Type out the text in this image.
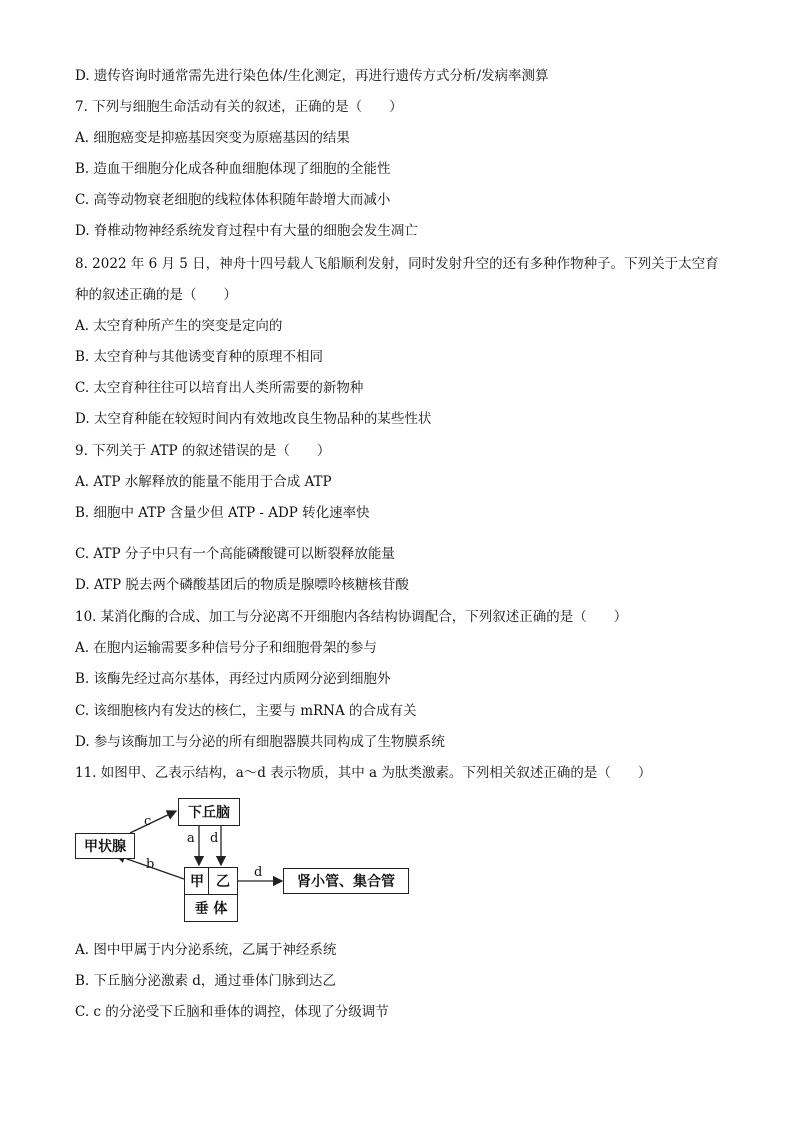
D. 遗传咨询时通常需先进行染色体/生化测定，再进行遗传方式分析/发病率测算
7. 下列与细胞生命活动有关的叙述，正确的是（　　）
A. 细胞癌变是抑癌基因突变为原癌基因的结果
B. 造血干细胞分化成各种血细胞体现了细胞的全能性
C. 高等动物衰老细胞的线粒体体积随年龄增大而减小
D. 脊椎动物神经系统发育过程中有大量的细胞会发生凋亡
8. 2022 年 6 月 5 日，神舟十四号载人飞船顺利发射，同时发射升空的还有多种作物种子。下列关于太空育
种的叙述正确的是（　　）
A. 太空育种所产生的突变是定向的
B. 太空育种与其他诱变育种的原理不相同
C. 太空育种往往可以培育出人类所需要的新物种
D. 太空育种能在较短时间内有效地改良生物品种的某些性状
9. 下列关于 ATP 的叙述错误的是（　　）
A. ATP 水解释放的能量不能用于合成 ATP
B. 细胞中 ATP 含量少但 ATP - ADP 转化速率快
C. ATP 分子中只有一个高能磷酸键可以断裂释放能量
D. ATP 脱去两个磷酸基团后的物质是腺嘌呤核糖核苷酸
10. 某消化酶的合成、加工与分泌离不开细胞内各结构协调配合，下列叙述正确的是（　　）
A. 在胞内运输需要多种信号分子和细胞骨架的参与
B. 该酶先经过高尔基体，再经过内质网分泌到细胞外
C. 该细胞核内有发达的核仁，主要与 mRNA 的合成有关
D. 参与该酶加工与分泌的所有细胞器膜共同构成了生物膜系统
11. 如图甲、乙表示结构，a～d 表示物质，其中 a 为肽类激素。下列相关叙述正确的是（　　）
A. 图中甲属于内分泌系统，乙属于神经系统
B. 下丘脑分泌激素 d，通过垂体门脉到达乙
C. c 的分泌受下丘脑和垂体的调控，体现了分级调节
下丘脑
甲状腺
甲 乙
垂 体
肾小管、集合管
c
a d
b
d
